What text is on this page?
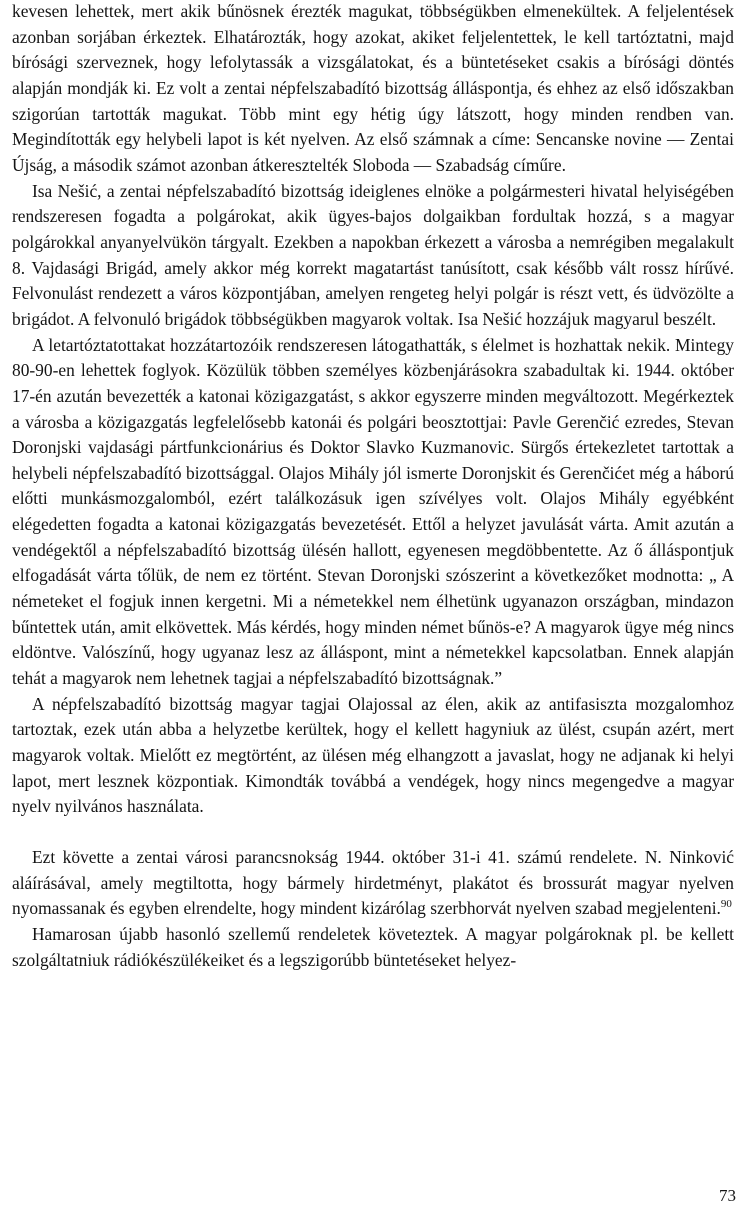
kevesen lehettek, mert akik bűnösnek érezték magukat, többségükben elmenekültek. A feljelentések azonban sorjában érkeztek. Elhatározták, hogy azokat, akiket feljelentettek, le kell tartóztatni, majd bírósági szerveznek, hogy lefolytassák a vizsgálatokat, és a büntetéseket csakis a bírósági döntés alapján mondják ki. Ez volt a zentai népfelszabadító bizottság álláspontja, és ehhez az első időszakban szigorúan tartották magukat. Több mint egy hétig úgy látszott, hogy minden rendben van. Megindították egy helybeli lapot is két nyelven. Az első számnak a címe: Sencanske novine — Zentai Újság, a második számot azonban átkeresztelték Sloboda — Szabadság címűre.

Isa Nešić, a zentai népfelszabadító bizottság ideiglenes elnöke a polgármesteri hivatal helyiségében rendszeresen fogadta a polgárokat, akik ügyes-bajos dolgaikban fordultak hozzá, s a magyar polgárokkal anyanyelvükön tárgyalt. Ezekben a napokban érkezett a városba a nemrégiben megalakult 8. Vajdasági Brigád, amely akkor még korrekt magatartást tanúsított, csak később vált rossz hírűvé. Felvonulást rendezett a város központjában, amelyen rengeteg helyi polgár is részt vett, és üdvözölte a brigádot. A felvonuló brigádok többségükben magyarok voltak. Isa Nešić hozzájuk magyarul beszélt.

A letartóztatottakat hozzátartozóik rendszeresen látogathatták, s élelmet is hozhattak nekik. Mintegy 80-90-en lehettek foglyok. Közülük többen személyes közbenjárásokra szabadultak ki. 1944. október 17-én azután bevezették a katonai közigazgatást, s akkor egyszerre minden megváltozott. Megérkeztek a városba a közigazgatás legfelelősebb katonái és polgári beosztottjai: Pavle Gerenčić ezredes, Stevan Doronjski vajdasági pártfunkcionárius és Doktor Slavko Kuzmanovic. Sürgős értekezletet tartottak a helybeli népfelszabadító bizottsággal. Olajos Mihály jól ismerte Doronjskit és Gerenčićet még a háború előtti munkásmozgalomból, ezért találkozásuk igen szívélyes volt. Olajos Mihály egyébként elégedetten fogadta a katonai közigazgatás bevezetését. Ettől a helyzet javulását várta. Amit azután a vendégektől a népfelszabadító bizottság ülésén hallott, egyenesen megdöbbentette. Az ő álláspontjuk elfogadását várta tőlük, de nem ez történt. Stevan Doronjski szószerint a következőket modnotta: „ A németeket el fogjuk innen kergetni. Mi a németekkel nem élhetünk ugyanazon országban, mindazon bűntettek után, amit elkövettek. Más kérdés, hogy minden német bűnös-e? A magyarok ügye még nincs eldöntve. Valószínű, hogy ugyanaz lesz az álláspont, mint a németekkel kapcsolatban. Ennek alapján tehát a magyarok nem lehetnek tagjai a népfelszabadító bizottságnak.”

A népfelszabadító bizottság magyar tagjai Olajossal az élen, akik az antifasiszta mozgalomhoz tartoztak, ezek után abba a helyzetbe kerültek, hogy el kellett hagyniuk az ülést, csupán azért, mert magyarok voltak. Mielőtt ez megtörtént, az ülésen még elhangzott a javaslat, hogy ne adjanak ki helyi lapot, mert lesznek központiak. Kimondták továbbá a vendégek, hogy nincs megengedve a magyar nyelv nyilvános használata.

Ezt követte a zentai városi parancsnokság 1944. október 31-i 41. számú rendelete. N. Ninković aláírásával, amely megtiltotta, hogy bármely hirdetményt, plakátot és brossurát magyar nyelven nyomassanak és egyben elrendelte, hogy mindent kizárólag szerbhorvát nyelven szabad megjelenteni.$^{90}$

Hamarosan újabb hasonló szellemű rendeletek követeztek. A magyar polgároknak pl. be kellett szolgáltatniuk rádiókészülékeiket és a legszigorúbb büntetéseket helyez-

73
